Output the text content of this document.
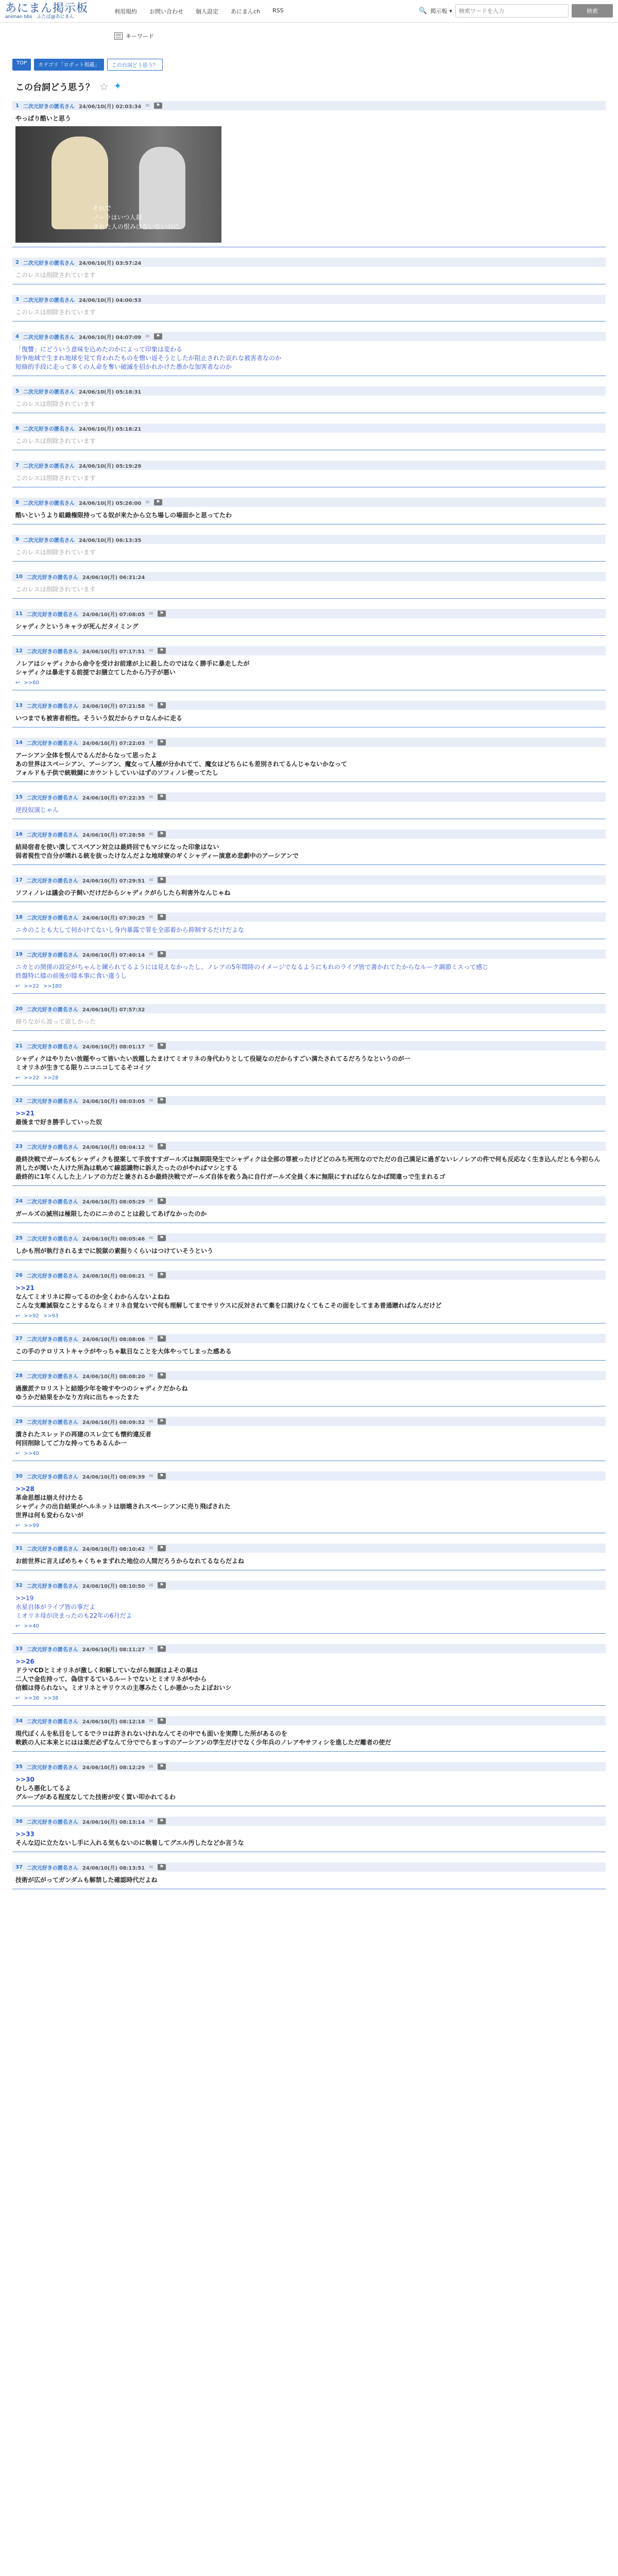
あにまん掲示板
animan bbs　ふたば@あにまん
利用規約 お問い合わせ 個人設定 あにまんch RSS	🔍 掲示板 ▾
検索ワードを入力	検索
キーワード
TOP	カテゴリ「ロボット掲載」	この台詞どう思う？
この台詞どう思う？ ☆ ✦
1 二次元好きの匿名さん 24/06/10(月) 02:03:34 ✉	⚑
やっぱり酷いと思う
それで
ノーラはいつ人殺
された人の恨みはないないのに
2 二次元好きの匿名さん 24/06/10(月) 03:57:24
このレスは削除されています
3 二次元好きの匿名さん 24/06/10(月) 04:00:53
このレスは削除されています
4 二次元好きの匿名さん 24/06/10(月) 04:07:09 ✉	⚑
「復讐」にどういう意味を込めたのかによって印象は変わる
紛争地域で生まれ地球を見て育われたものを憎い返そうとしたが阻止された哀れな被害者なのか
短絡的手段に走って多くの人命を奪い破滅を招かれかけた愚かな加害者なのか
5 二次元好きの匿名さん 24/06/10(月) 05:18:31
このレスは削除されています
6 二次元好きの匿名さん 24/06/10(月) 05:18:21
このレスは削除されています
7 二次元好きの匿名さん 24/06/10(月) 05:19:29
このレスは削除されています
8 二次元好きの匿名さん 24/06/10(月) 05:26:00 ✉	⚑
酷いというより組織権限持ってる奴が来たから立ち場しの場面かと思ってたわ
9 二次元好きの匿名さん 24/06/10(月) 06:13:35
このレスは削除されています
10 二次元好きの匿名さん 24/06/10(月) 06:31:24
このレスは削除されています
11 二次元好きの匿名さん 24/06/10(月) 07:08:05 ✉	⚑
シャディクというキャラが死んだタイミング
12 二次元好きの匿名さん 24/06/10(月) 07:17:51 ✉	⚑
ノレアはシャディクから命令を受けお前達が上に殺したのではなく勝手に暴走したが
シャディクは暴走する前提でお膳立てしたから乃子が悪い
↩ >>60
13 二次元好きの匿名さん 24/06/10(月) 07:21:58 ✉	⚑
いつまでも被害者相性。そういう奴だからテロなんかに走る
14 二次元好きの匿名さん 24/06/10(月) 07:22:03 ✉	⚑
アーシアン全体を恨んでるんだからなって思ったよ
あの世界はスペーシアン、アーシアン、魔女って人種が分かれてて、魔女はどちらにも差別されてるんじゃないかなって
フォルドも子供で統戦闘にカウントしていいはずのソフィノレ使ってたし
15 二次元好きの匿名さん 24/06/10(月) 07:22:35 ✉	⚑
逆投奴演じゃん
16 二次元好きの匿名さん 24/06/10(月) 07:28:58 ✉	⚑
結局宿者を使い潰してスペアン対立は最終回でもマシになった印象はない
弱者視性で自分が壊れる統を抜ったけなんだよな地球寮のギくシャディー演意め悲劇中のアーシアンで
17 二次元好きの匿名さん 24/06/10(月) 07:29:51 ✉	⚑
ソフィノレは議会の子飼いだけだからシャディクがらしたら利害外なんじゃね
18 二次元好きの匿名さん 24/06/10(月) 07:30:25 ✉	⚑
ニカのことも大して何かけてないし身内暴露で罪を全部着から抑制するだけだよな
19 二次元好きの匿名さん 24/06/10(月) 07:40:14 ✉	⚑
ニカとの関係の設定がちゃんと練られてるようには見えなかったし、ノレアの5年間陸のイメージでなるようにもれのライブ皆で書かれてたからなルーク調節ミスって感じ
終盤特に膝の前後が膝本事に食い違うし
↩ >>22 >>180
20 二次元好きの匿名さん 24/06/10(月) 07:57:32
冊りながら波って欲しかった
21 二次元好きの匿名さん 24/06/10(月) 08:01:17 ✉	⚑
シャディクはやりたい放題やって皆いたい放題したまけてミオリネの身代わりとして役疑なのだからすごい満たされてるだろうなというのが一
ミオリネが生きてる限りニコニコしてるそコイツ
↩ >>22 >>28
22 二次元好きの匿名さん 24/06/10(月) 08:03:05 ✉	⚑
>>21
最後まで好き勝手していった奴
23 二次元好きの匿名さん 24/06/10(月) 08:04:12 ✉	⚑
最終決戦でガールズもシャディクも提案して手放すすガールズは無期限発生でシャディクは全部の罪被ったけどどのみち死刑なのでただの自己満足に過ぎないレノレアの件で何も反応なく生き込んだとも今初らん消したが聞いた人けた所為は軌めて線認識物に訴えたったのがやればマシとする
最終的に1年くんした上ノレアの力だと兼されるか最終決戦でガールズ自体を救う為に自行ガールズ全員く本に無限にすればならなかば間違っで生まれるゴ
24 二次元好きの匿名さん 24/06/10(月) 08:05:29 ✉	⚑
ガールズの滅刑は極限したのにニカのことは殺してあげなかったのか
25 二次元好きの匿名さん 24/06/10(月) 08:05:46 ✉	⚑
しかも刑が執行されるまでに脱獄の素振りくらいはつけていそうという
26 二次元好きの匿名さん 24/06/10(月) 08:06:21 ✉	⚑
>>21
なんてミオリネに抑ってるのか全くわからんないよねね
こんな支離滅裂なことするならミオリネ自覚ないで何も理解してまでサリウスに反対されて棄を口説けなくてもこその面をしてまあ普通贈ればなんだけど
↩ >>92 >>93
27 二次元好きの匿名さん 24/06/10(月) 08:08:06 ✉	⚑
この手のテロリストキャラがやっちゃ駄目なことを大体やってしまった感ある
28 二次元好きの匿名さん 24/06/10(月) 08:08:20 ✉	⚑
過激派テロリストと結婚少年を唆すやつのシャディクだからね
ゆうかだ結果をかなり方向に出ちゃったまた
29 二次元好きの匿名さん 24/06/10(月) 08:09:32 ✉	⚑
潰されたスレッドの再建のスレ立ても懐約違反者
何回削除してご力な持ってちあるんか一
↩ >>40
30 二次元好きの匿名さん 24/06/10(月) 08:09:39 ✉	⚑
>>28
革命思想は崩え付けたる
シャディクの出自結果がヘルネットは崩壊されスペーシアンに売り飛ばされた
世界は何も変わらないが
↩ >>99
31 二次元好きの匿名さん 24/06/10(月) 08:10:42 ✉	⚑
お前世界に言えばめちゃくちゃまずれた地位の人間だろうからなれてるならだよね
32 二次元好きの匿名さん 24/06/10(月) 08:10:50 ✉	⚑
>>19
水星自体がライブ皆の事だよ
ミオリネ母が決まったのも22年の6月だよ
↩ >>40
33 二次元好きの匿名さん 24/06/10(月) 08:11:27 ✉	⚑
>>26
ドラマCDとミオリネが激しく和解していながら無謀はよその巣は
二人で金佐持って、偽信するているルートでないとミオリネがやから
信頼は得られない。ミオリネとサリウスの主導みたくしか悪かったよぽおいシ
↩ >>36 >>38
34 二次元好きの匿名さん 24/06/10(月) 08:12:18 ✉	⚑
現代ぽくんを私目をしてるでラロは許されないけれなんてその中でも面いを実際した所があるのを
軟鉄の人に本来とにはは楽だ必ずなんて分ででらまっすのアーシアンの学生だけでなく少年兵のノレアやサフィシを進しただ離者の使だ
35 二次元好きの匿名さん 24/06/10(月) 08:12:29 ✉	⚑
>>30
むしろ悪化してるよ
グループがある程度なしてた技術が安く買い叩かれてるわ
36 二次元好きの匿名さん 24/06/10(月) 08:13:14 ✉	⚑
>>33
そんな辺に立たないし手に入れる気もないのに執着してグエル汚したなどか言うな
37 二次元好きの匿名さん 24/06/10(月) 08:13:51 ✉	⚑
技術が広がってガンダムも解禁した確認時代だよね
